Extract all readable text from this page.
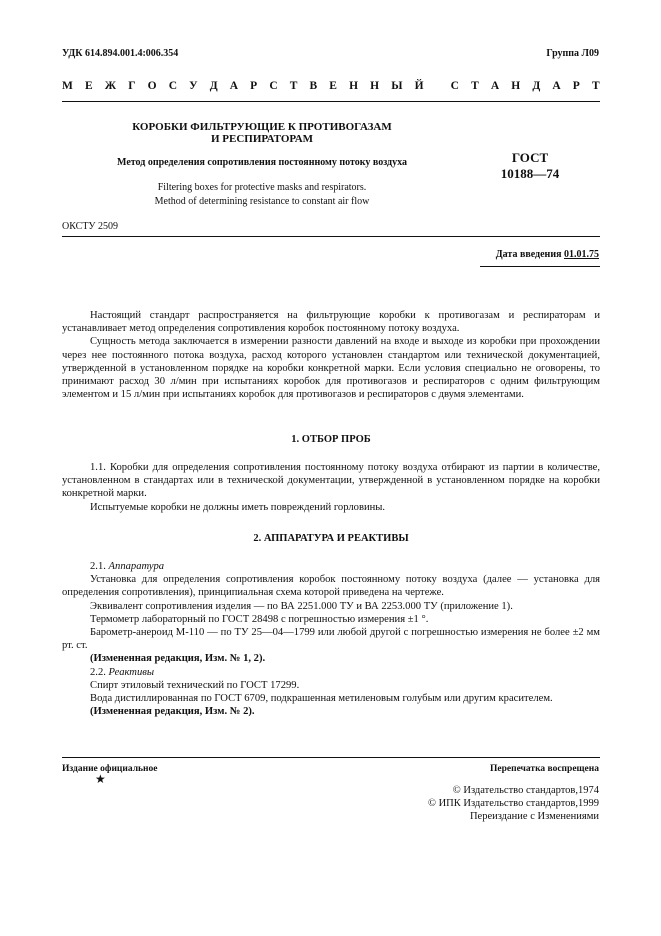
УДК 614.894.001.4:006.354	Группа Л09
М Е Ж Г О С У Д А Р С Т В Е Н Н Ы Й
С Т А Н Д А Р Т
КОРОБКИ ФИЛЬТРУЮЩИЕ К ПРОТИВОГАЗАМ
И РЕСПИРАТОРАМ
Метод определения сопротивления постоянному потоку воздуха
Filtering boxes for protective masks and respirators.
Method of determining resistance to constant air flow
ГОСТ
10188—74
ОКСТУ 2509
Дата введения 01.01.75

Настоящий стандарт распространяется на фильтрующие коробки к противогазам и респираторам и устанавливает метод определения сопротивления коробок постоянному потоку воздуха.

Сущность метода заключается в измерении разности давлений на входе и выходе из коробки при прохождении через нее постоянного потока воздуха, расход которого установлен стандартом или технической документацией, утвержденной в установленном порядке на коробки конкретной марки. Если условия специально не оговорены, то принимают расход 30 л/мин при испытаниях коробок для противогазов и респираторов с одним фильтрующим элементом и 15 л/мин при испытаниях коробок для противогазов и респираторов с двумя элементами.

1. ОТБОР ПРОБ

1.1. Коробки для определения сопротивления постоянному потоку воздуха отбирают из партии в количестве, установленном в стандартах или в технической документации, утвержденной в установленном порядке на коробки конкретной марки.

Испытуемые коробки не должны иметь повреждений горловины.

2. АППАРАТУРА И РЕАКТИВЫ

2.1. Аппаратура

Установка для определения сопротивления коробок постоянному потоку воздуха (далее — установка для определения сопротивления), принципиальная схема которой приведена на чертеже.

Эквивалент сопротивления изделия — по ВА 2251.000 ТУ и ВА 2253.000 ТУ (приложение 1).

Термометр лабораторный по ГОСТ 28498 с погрешностью измерения ±1 °.

Барометр-анероид М-110 — по ТУ 25—04—1799 или любой другой с погрешностью измерения не более ±2 мм рт. ст.

(Измененная редакция, Изм. № 1, 2).

2.2. Реактивы

Спирт этиловый технический по ГОСТ 17299.

Вода дистиллированная по ГОСТ 6709, подкрашенная метиленовым голубым или другим красителем.

(Измененная редакция, Изм. № 2).

Издание официальное	Перепечатка воспрещена
★
© Издательство стандартов,1974
© ИПК Издательство стандартов,1999
Переиздание с Изменениями
